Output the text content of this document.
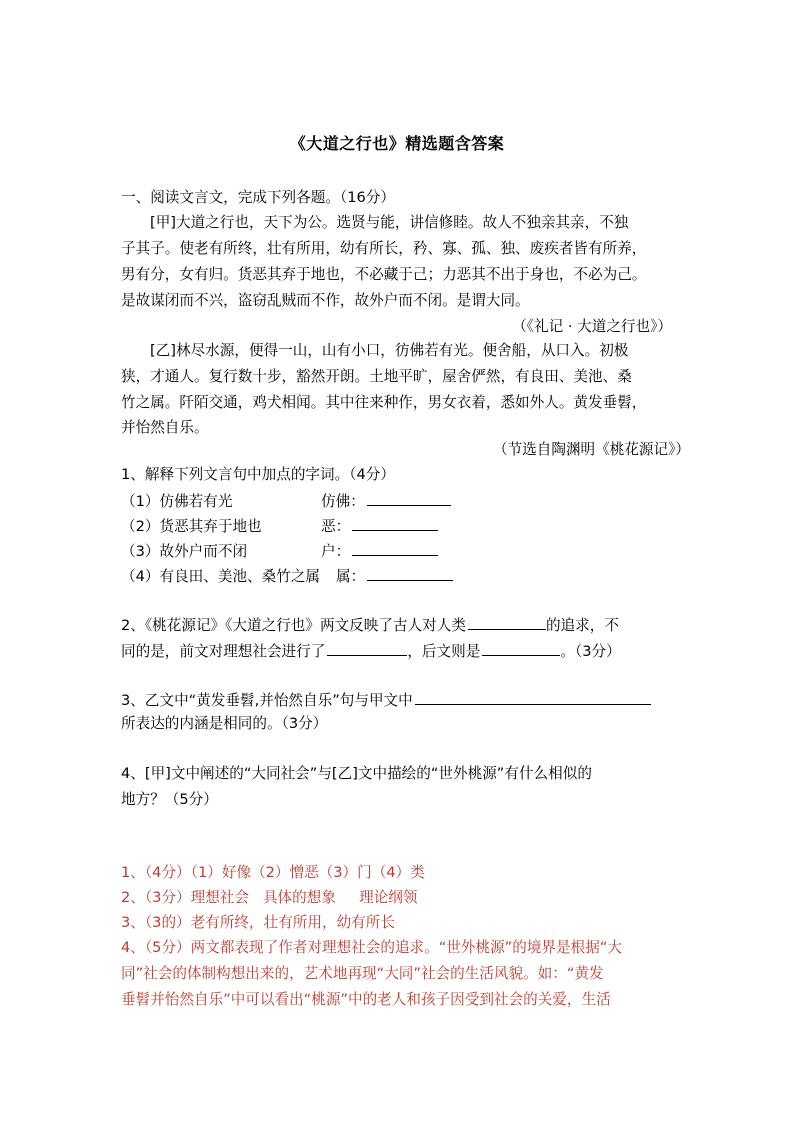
《大道之行也》精选题含答案
一、阅读文言文，完成下列各题。（16分）
[甲]大道之行也，天下为公。选贤与能，讲信修睦。故人不独亲其亲，不独
子其子。使老有所终，壮有所用，幼有所长，矜、寡、孤、独、废疾者皆有所养，
男有分，女有归。货恶其弃于地也，不必藏于己；力恶其不出于身也，不必为己。
是故谋闭而不兴，盗窃乱贼而不作，故外户而不闭。是谓大同。
（《礼记 · 大道之行也》）
[乙]林尽水源，便得一山，山有小口，彷佛若有光。便舍船，从口入。初极
狭，才通人。复行数十步，豁然开朗。土地平旷，屋舍俨然，有良田、美池、桑
竹之属。阡陌交通，鸡犬相闻。其中往来种作，男女衣着，悉如外人。黄发垂髫，
并怡然自乐。
（节选自陶渊明《桃花源记》）
1、解释下列文言句中加点的字词。（4分）
（1）仿佛若有光	仿佛：
（2）货恶其弃于地也	恶：
（3）故外户而不闭	户：
（4）有良田、美池、桑竹之属 属：
2、《桃花源记》《大道之行也》两文反映了古人对人类	的追求，不
同的是，前文对理想社会进行了	，后文则是	。（3分）
3、乙文中“黄发垂髫,并怡然自乐”句与甲文中
所表达的内涵是相同的。（3分）
4、[甲]文中阐述的“大同社会”与[乙]文中描绘的“世外桃源”有什么相似的
地方？（5分）
1、（4分）（1）好像（2）憎恶（3）门（4）类
2、（3分）理想社会   具体的想象     理论纲领
3、（3的）老有所终，壮有所用，幼有所长
4、（5分）两文都表现了作者对理想社会的追求。“世外桃源”的境界是根据“大
同”社会的体制构想出来的，艺术地再现“大同”社会的生活风貌。如：“黄发
垂髫并怡然自乐”中可以看出“桃源”中的老人和孩子因受到社会的关爱，生活
